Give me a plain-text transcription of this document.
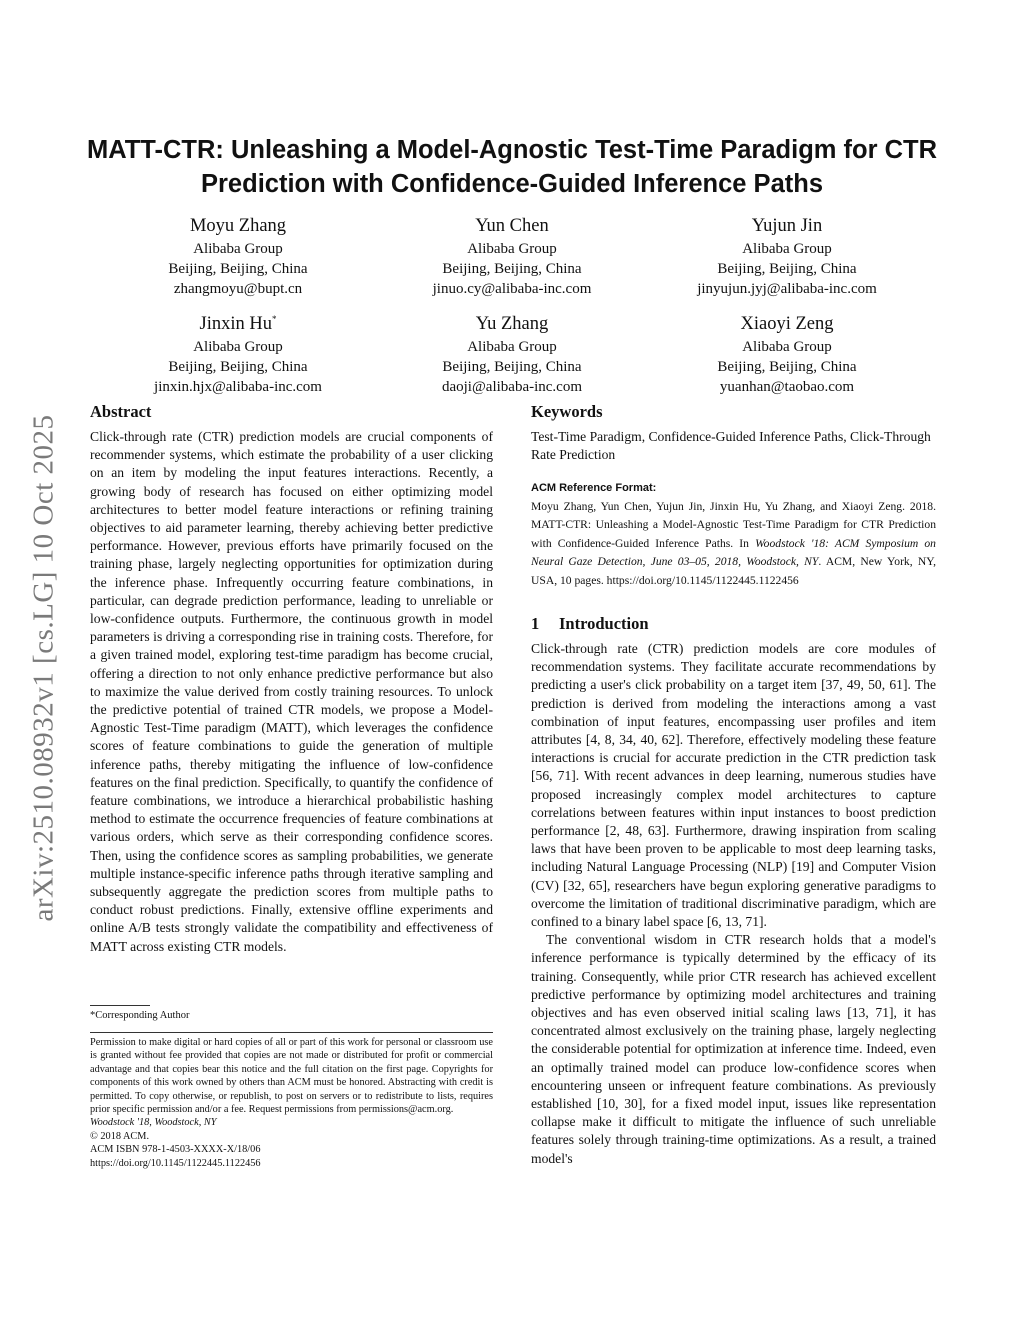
arXiv:2510.08932v1 [cs.LG] 10 Oct 2025
MATT-CTR: Unleashing a Model-Agnostic Test-Time Paradigm for CTR Prediction with Confidence-Guided Inference Paths
Moyu Zhang
Alibaba Group
Beijing, Beijing, China
zhangmoyu@bupt.cn
Yun Chen
Alibaba Group
Beijing, Beijing, China
jinuo.cy@alibaba-inc.com
Yujun Jin
Alibaba Group
Beijing, Beijing, China
jinyujun.jyj@alibaba-inc.com
Jinxin Hu*
Alibaba Group
Beijing, Beijing, China
jinxin.hjx@alibaba-inc.com
Yu Zhang
Alibaba Group
Beijing, Beijing, China
daoji@alibaba-inc.com
Xiaoyi Zeng
Alibaba Group
Beijing, Beijing, China
yuanhan@taobao.com
Abstract
Click-through rate (CTR) prediction models are crucial components of recommender systems, which estimate the probability of a user clicking on an item by modeling the input features interactions. Recently, a growing body of research has focused on either optimizing model architectures to better model feature interactions or refining training objectives to aid parameter learning, thereby achieving better predictive performance. However, previous efforts have primarily focused on the training phase, largely neglecting opportunities for optimization during the inference phase. Infrequently occurring feature combinations, in particular, can degrade prediction performance, leading to unreliable or low-confidence outputs. Furthermore, the continuous growth in model parameters is driving a corresponding rise in training costs. Therefore, for a given trained model, exploring test-time paradigm has become crucial, offering a direction to not only enhance predictive performance but also to maximize the value derived from costly training resources. To unlock the predictive potential of trained CTR models, we propose a Model-Agnostic Test-Time paradigm (MATT), which leverages the confidence scores of feature combinations to guide the generation of multiple inference paths, thereby mitigating the influence of low-confidence features on the final prediction. Specifically, to quantify the confidence of feature combinations, we introduce a hierarchical probabilistic hashing method to estimate the occurrence frequencies of feature combinations at various orders, which serve as their corresponding confidence scores. Then, using the confidence scores as sampling probabilities, we generate multiple instance-specific inference paths through iterative sampling and subsequently aggregate the prediction scores from multiple paths to conduct robust predictions. Finally, extensive offline experiments and online A/B tests strongly validate the compatibility and effectiveness of MATT across existing CTR models.
*Corresponding Author
Permission to make digital or hard copies of all or part of this work for personal or classroom use is granted without fee provided that copies are not made or distributed for profit or commercial advantage and that copies bear this notice and the full citation on the first page. Copyrights for components of this work owned by others than ACM must be honored. Abstracting with credit is permitted. To copy otherwise, or republish, to post on servers or to redistribute to lists, requires prior specific permission and/or a fee. Request permissions from permissions@acm.org.
Woodstock '18, Woodstock, NY
© 2018 ACM.
ACM ISBN 978-1-4503-XXXX-X/18/06
https://doi.org/10.1145/1122445.1122456
Keywords
Test-Time Paradigm, Confidence-Guided Inference Paths, Click-Through Rate Prediction
ACM Reference Format:
Moyu Zhang, Yun Chen, Yujun Jin, Jinxin Hu, Yu Zhang, and Xiaoyi Zeng. 2018. MATT-CTR: Unleashing a Model-Agnostic Test-Time Paradigm for CTR Prediction with Confidence-Guided Inference Paths. In Woodstock '18: ACM Symposium on Neural Gaze Detection, June 03–05, 2018, Woodstock, NY. ACM, New York, NY, USA, 10 pages. https://doi.org/10.1145/1122445.1122456
1 Introduction

Click-through rate (CTR) prediction models are core modules of recommendation systems. They facilitate accurate recommendations by predicting a user's click probability on a target item [37, 49, 50, 61]. The prediction is derived from modeling the interactions among a vast combination of input features, encompassing user profiles and item attributes [4, 8, 34, 40, 62]. Therefore, effectively modeling these feature interactions is crucial for accurate prediction in the CTR prediction task [56, 71]. With recent advances in deep learning, numerous studies have proposed increasingly complex model architectures to capture correlations between features within input instances to boost prediction performance [2, 48, 63]. Furthermore, drawing inspiration from scaling laws that have been proven to be applicable to most deep learning tasks, including Natural Language Processing (NLP) [19] and Computer Vision (CV) [32, 65], researchers have begun exploring generative paradigms to overcome the limitation of traditional discriminative paradigm, which are confined to a binary label space [6, 13, 71].

The conventional wisdom in CTR research holds that a model's inference performance is typically determined by the efficacy of its training. Consequently, while prior CTR research has achieved excellent predictive performance by optimizing model architectures and training objectives and has even observed initial scaling laws [13, 71], it has concentrated almost exclusively on the training phase, largely neglecting the considerable potential for optimization at inference time. Indeed, even an optimally trained model can produce low-confidence scores when encountering unseen or infrequent feature combinations. As previously established [10, 30], for a fixed model input, issues like representation collapse make it difficult to mitigate the influence of such unreliable features solely through training-time optimizations. As a result, a trained model's
